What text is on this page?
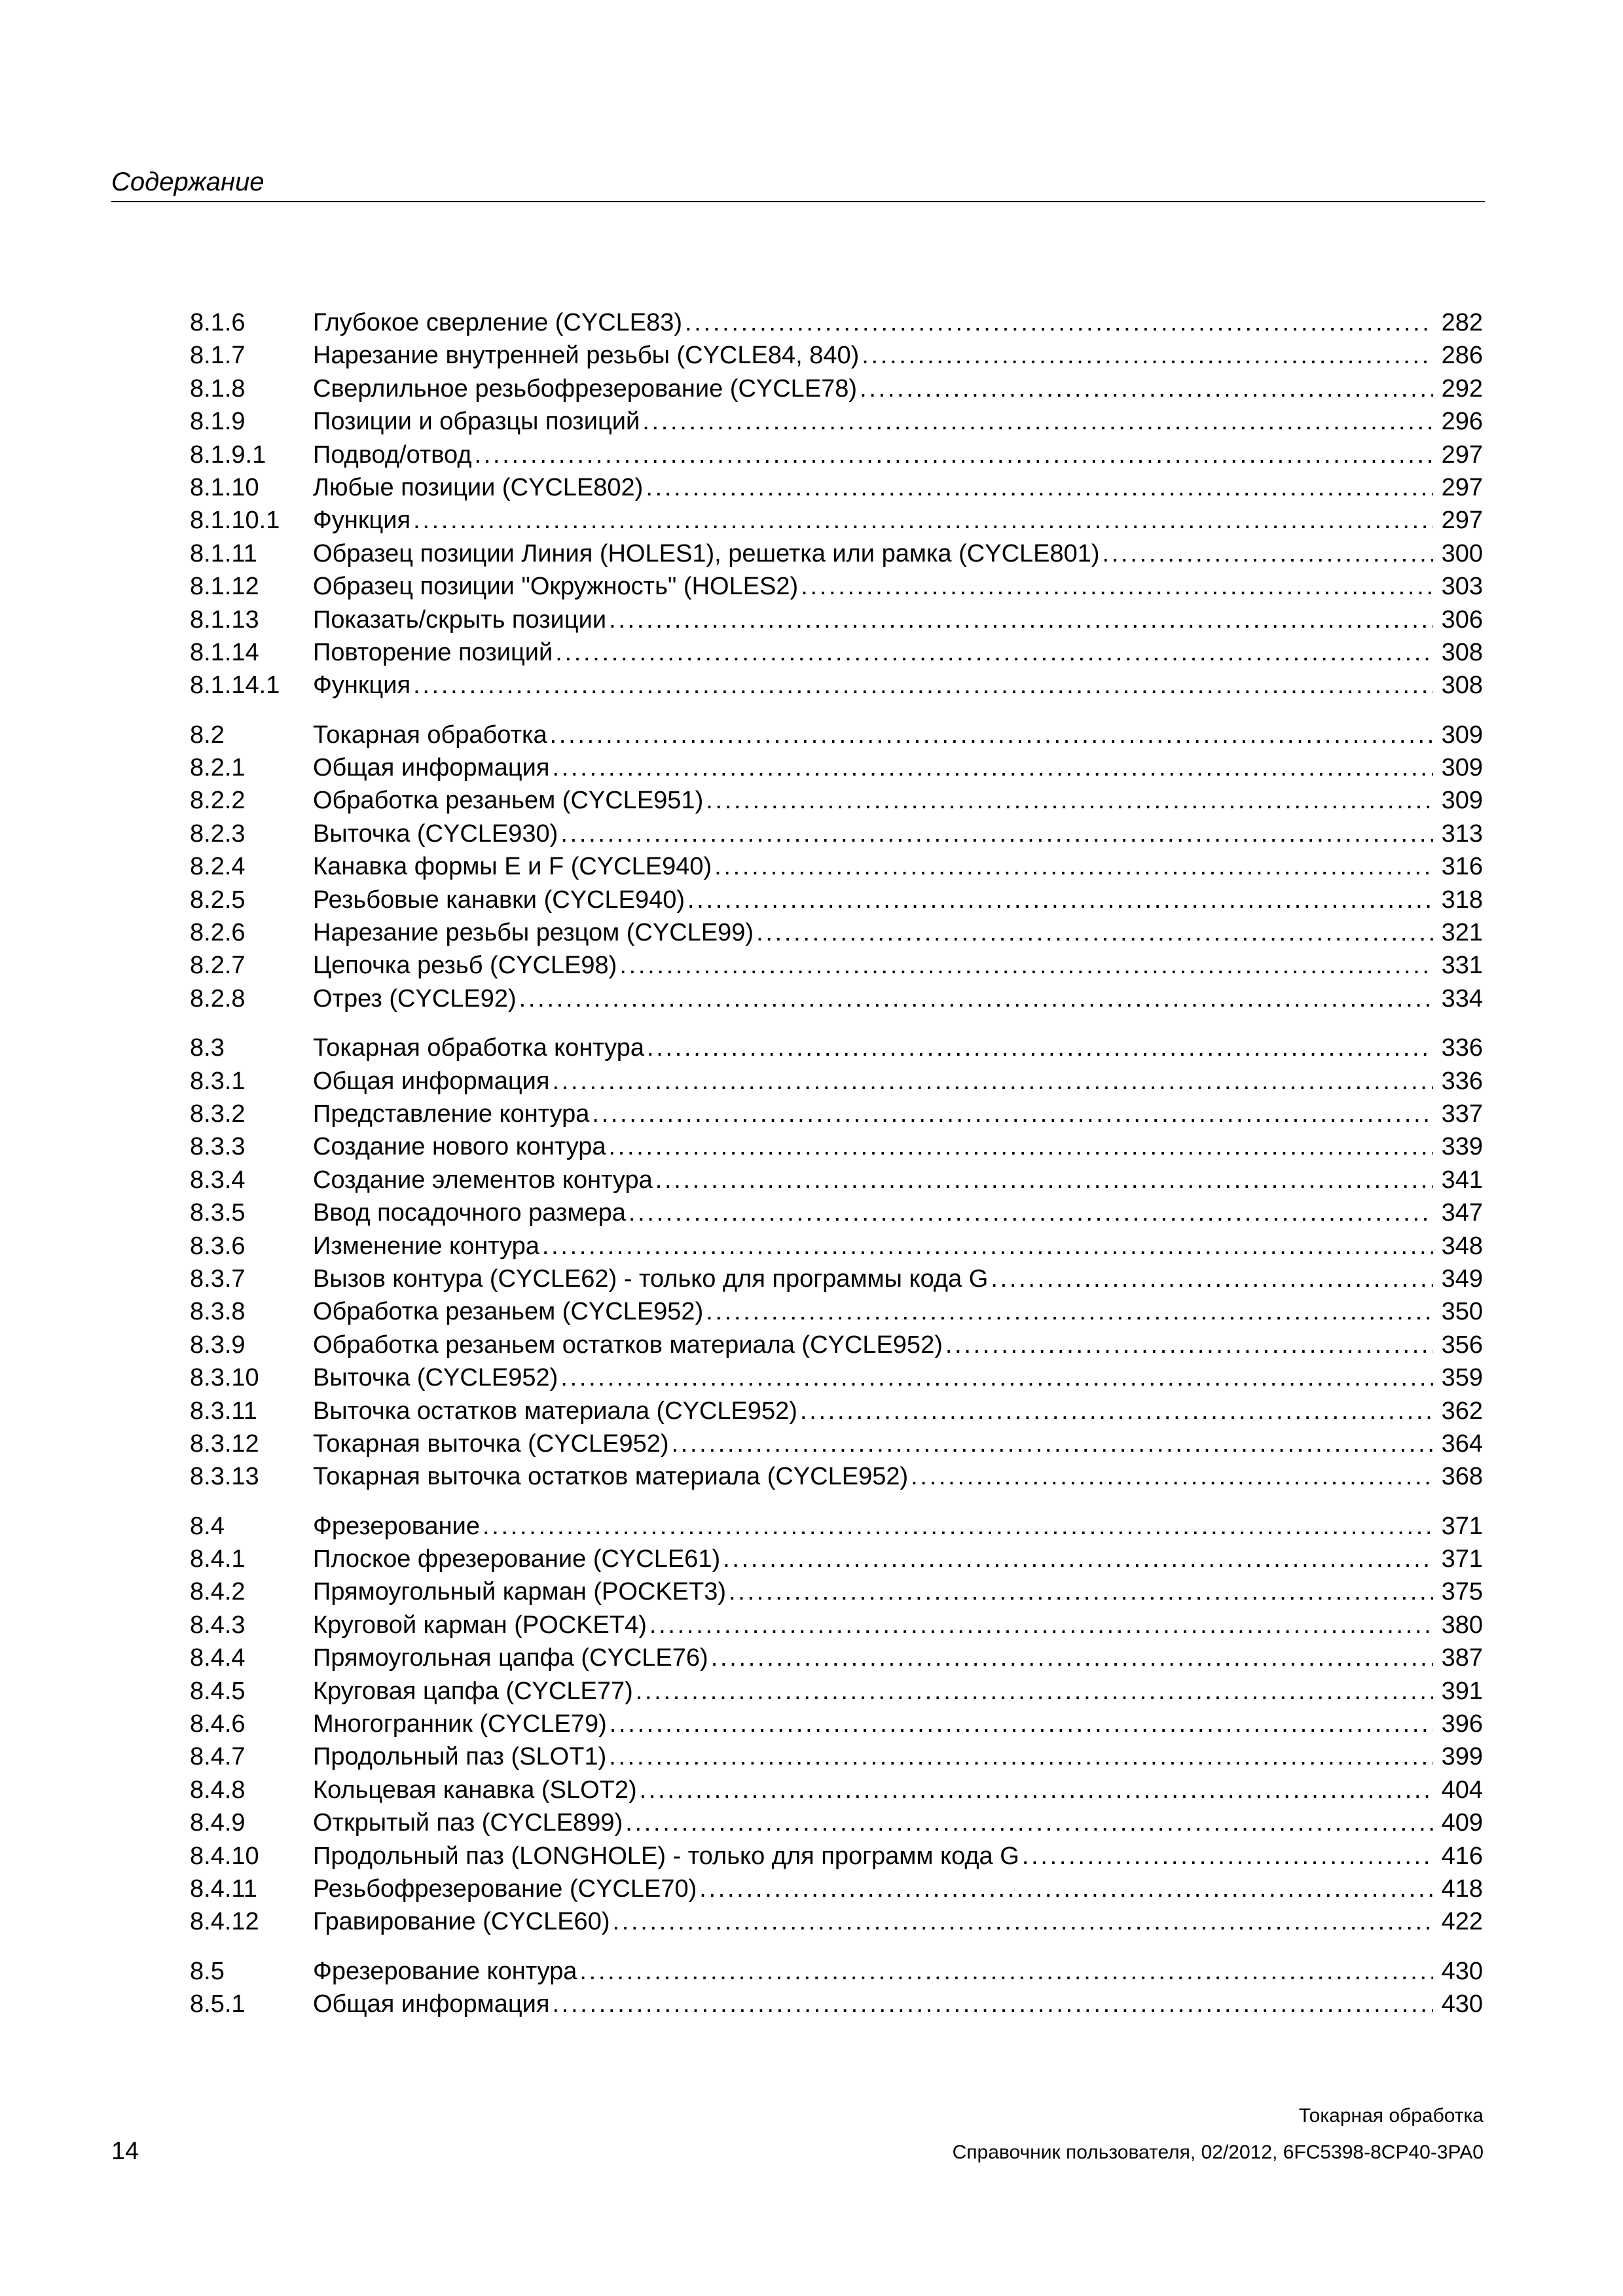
Содержание
8.1.6	Глубокое сверление (CYCLE83) .....	282
8.1.7	Нарезание внутренней резьбы (CYCLE84, 840) .....	286
8.1.8	Сверлильное резьбофрезерование (CYCLE78) .....	292
8.1.9	Позиции и образцы позиций .....	296
8.1.9.1	Подвод/отвод .....	297
8.1.10	Любые позиции (CYCLE802) .....	297
8.1.10.1	Функция .....	297
8.1.11	Образец позиции Линия (HOLES1), решетка или рамка (CYCLE801) .....	300
8.1.12	Образец позиции "Окружность" (HOLES2) .....	303
8.1.13	Показать/скрыть позиции .....	306
8.1.14	Повторение позиций .....	308
8.1.14.1	Функция .....	308
8.2	Токарная обработка .....	309
8.2.1	Общая информация .....	309
8.2.2	Обработка резаньем (CYCLE951) .....	309
8.2.3	Выточка (CYCLE930) .....	313
8.2.4	Канавка формы E и F (CYCLE940) .....	316
8.2.5	Резьбовые канавки (CYCLE940) .....	318
8.2.6	Нарезание резьбы резцом (CYCLE99) .....	321
8.2.7	Цепочка резьб (CYCLE98) .....	331
8.2.8	Отрез (CYCLE92) .....	334
8.3	Токарная обработка контура .....	336
8.3.1	Общая информация .....	336
8.3.2	Представление контура .....	337
8.3.3	Создание нового контура .....	339
8.3.4	Создание элементов контура .....	341
8.3.5	Ввод посадочного размера .....	347
8.3.6	Изменение контура .....	348
8.3.7	Вызов контура (CYCLE62) - только для программы кода G .....	349
8.3.8	Обработка резаньем (CYCLE952) .....	350
8.3.9	Обработка резаньем остатков материала (CYCLE952) .....	356
8.3.10	Выточка (CYCLE952) .....	359
8.3.11	Выточка остатков материала (CYCLE952) .....	362
8.3.12	Токарная выточка (CYCLE952) .....	364
8.3.13	Токарная выточка остатков материала (CYCLE952) .....	368
8.4	Фрезерование .....	371
8.4.1	Плоское фрезерование (CYCLE61) .....	371
8.4.2	Прямоугольный карман (POCKET3) .....	375
8.4.3	Круговой карман (POCKET4) .....	380
8.4.4	Прямоугольная цапфа (CYCLE76) .....	387
8.4.5	Круговая цапфа (CYCLE77) .....	391
8.4.6	Многогранник (CYCLE79) .....	396
8.4.7	Продольный паз (SLOT1) .....	399
8.4.8	Кольцевая канавка (SLOT2) .....	404
8.4.9	Открытый паз (CYCLE899) .....	409
8.4.10	Продольный паз (LONGHOLE) - только для программ кода G .....	416
8.4.11	Резьбофрезерование (CYCLE70) .....	418
8.4.12	Гравирование (CYCLE60) .....	422
8.5	Фрезерование контура .....	430
8.5.1	Общая информация .....	430
Токарная обработка
14	Справочник пользователя, 02/2012, 6FC5398-8CP40-3PA0
